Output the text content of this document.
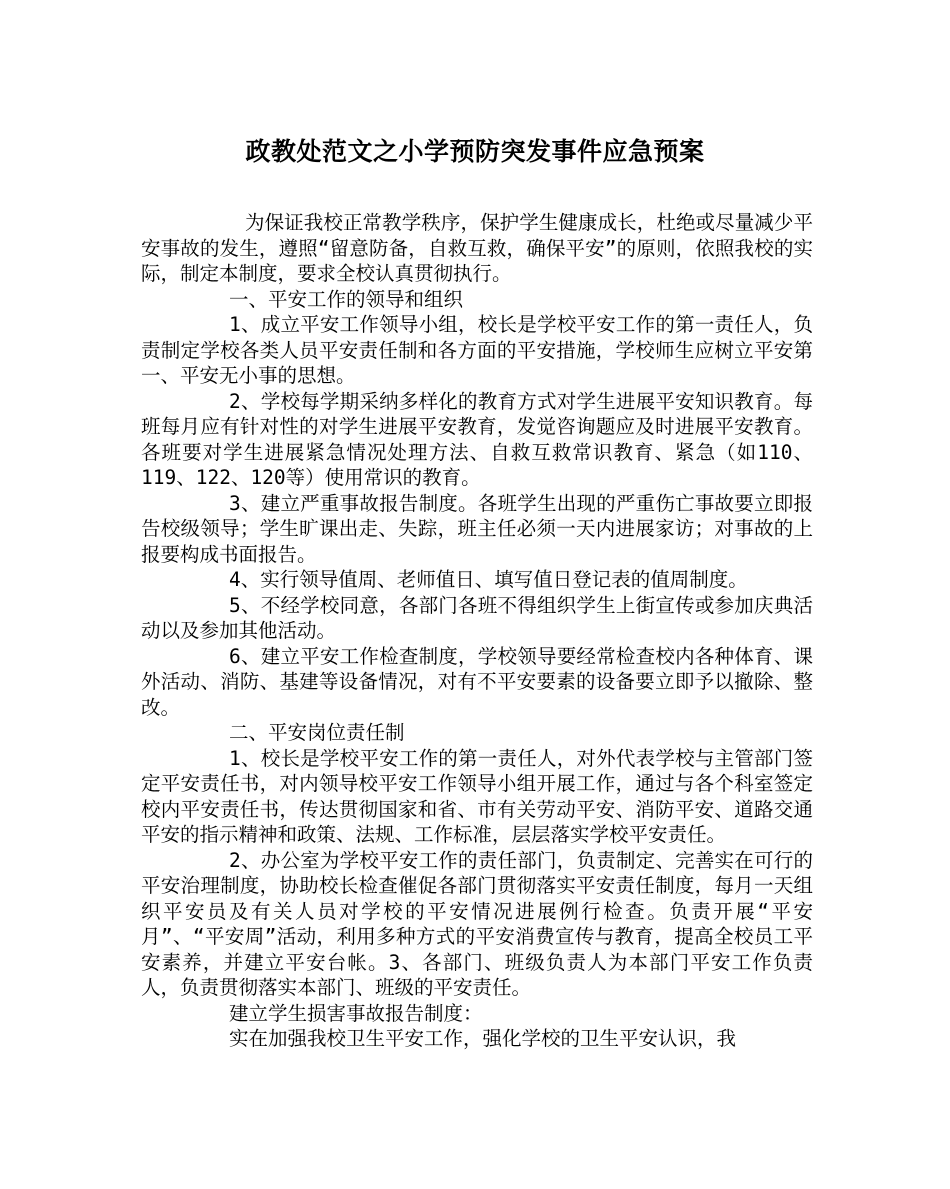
政教处范文之小学预防突发事件应急预案

为保证我校正常教学秩序，保护学生健康成长，杜绝或尽量减少平安事故的发生，遵照“留意防备，自救互救，确保平安”的原则，依照我校的实际，制定本制度，要求全校认真贯彻执行。

一、平安工作的领导和组织

1、成立平安工作领导小组，校长是学校平安工作的第一责任人，负责制定学校各类人员平安责任制和各方面的平安措施，学校师生应树立平安第一、平安无小事的思想。

2、学校每学期采纳多样化的教育方式对学生进展平安知识教育。每班每月应有针对性的对学生进展平安教育，发觉咨询题应及时进展平安教育。各班要对学生进展紧急情况处理方法、自救互救常识教育、紧急（如110、119、122、120等）使用常识的教育。

3、建立严重事故报告制度。各班学生出现的严重伤亡事故要立即报告校级领导；学生旷课出走、失踪，班主任必须一天内进展家访；对事故的上报要构成书面报告。

4、实行领导值周、老师值日、填写值日登记表的值周制度。

5、不经学校同意，各部门各班不得组织学生上街宣传或参加庆典活动以及参加其他活动。

6、建立平安工作检查制度，学校领导要经常检查校内各种体育、课外活动、消防、基建等设备情况，对有不平安要素的设备要立即予以撤除、整改。

二、平安岗位责任制

1、校长是学校平安工作的第一责任人，对外代表学校与主管部门签定平安责任书，对内领导校平安工作领导小组开展工作，通过与各个科室签定校内平安责任书，传达贯彻国家和省、市有关劳动平安、消防平安、道路交通平安的指示精神和政策、法规、工作标准，层层落实学校平安责任。

2、办公室为学校平安工作的责任部门，负责制定、完善实在可行的平安治理制度，协助校长检查催促各部门贯彻落实平安责任制度，每月一天组织平安员及有关人员对学校的平安情况进展例行检查。负责开展“平安月”、“平安周”活动，利用多种方式的平安消费宣传与教育，提高全校员工平安素养，并建立平安台帐。3、各部门、班级负责人为本部门平安工作负责人，负责贯彻落实本部门、班级的平安责任。

建立学生损害事故报告制度：

实在加强我校卫生平安工作，强化学校的卫生平安认识，我
